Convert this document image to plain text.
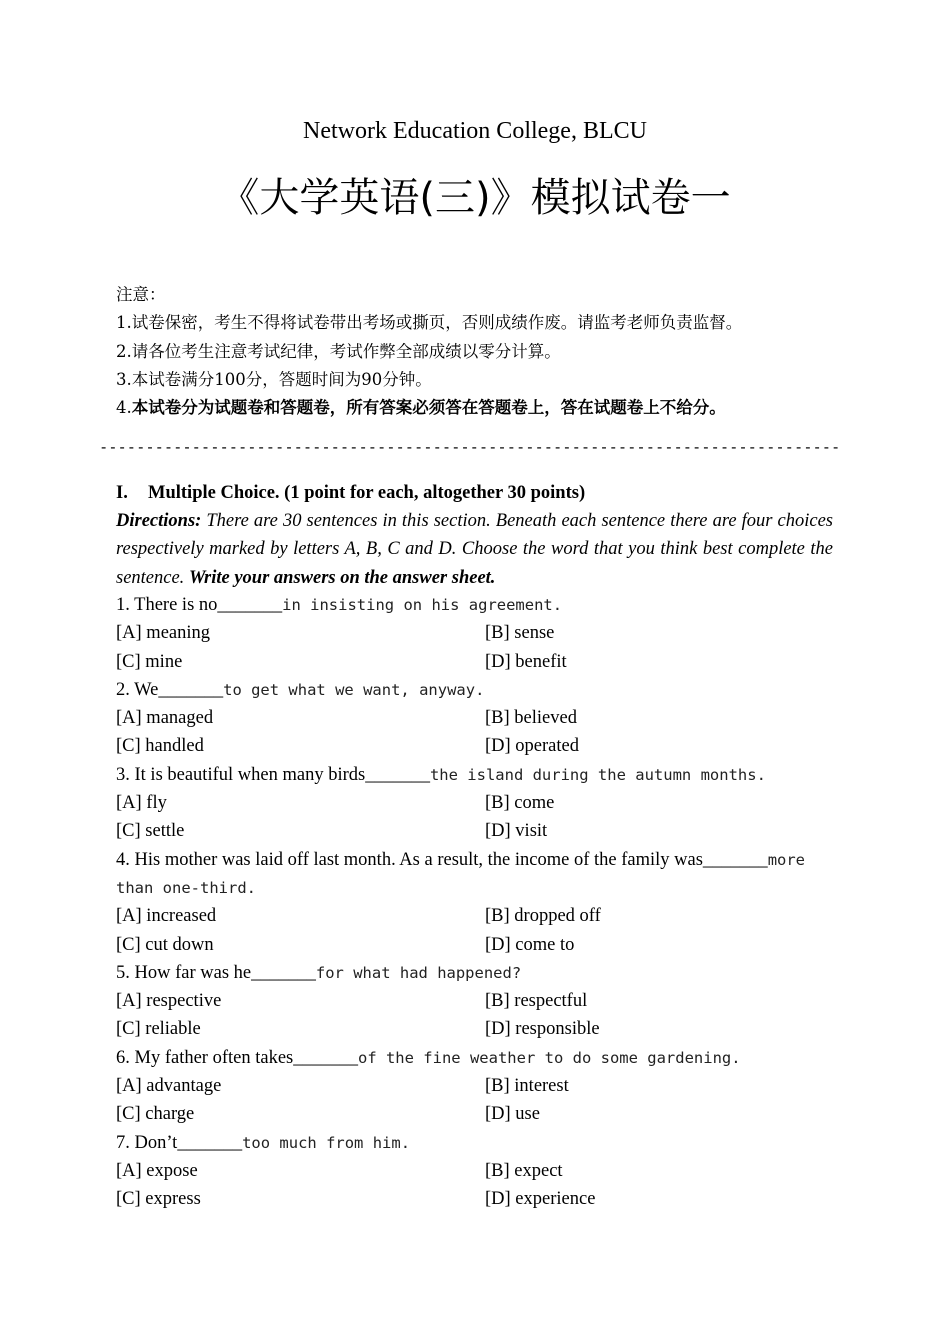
Network Education College, BLCU
《大学英语(三)》模拟试卷一
注意：
1.试卷保密，考生不得将试卷带出考场或撕页，否则成绩作废。请监考老师负责监督。
2.请各位考生注意考试纪律，考试作弊全部成绩以零分计算。
3.本试卷满分100分，答题时间为90分钟。
4.本试卷分为试题卷和答题卷，所有答案必须答在答题卷上，答在试题卷上不给分。
--------------------------------------------------------------------------------
I. Multiple Choice. (1 point for each, altogether 30 points)
Directions: There are 30 sentences in this section. Beneath each sentence there are four choices respectively marked by letters A, B, C and D. Choose the word that you think best complete the sentence. Write your answers on the answer sheet.
1. There is no_______in insisting on his agreement.
[A] meaning	[B] sense
[C] mine	[D] benefit
2. We_______to get what we want, anyway.
[A] managed	[B] believed
[C] handled	[D] operated
3. It is beautiful when many birds_______the island during the autumn months.
[A] fly	[B] come
[C] settle	[D] visit
4. His mother was laid off last month. As a result, the income of the family was_______more
than one-third.
[A] increased	[B] dropped off
[C] cut down	[D] come to
5. How far was he_______for what had happened?
[A] respective	[B] respectful
[C] reliable	[D] responsible
6. My father often takes_______of the fine weather to do some gardening.
[A] advantage	[B] interest
[C] charge	[D] use
7. Don’t_______too much from him.
[A] expose	[B] expect
[C] express	[D] experience
